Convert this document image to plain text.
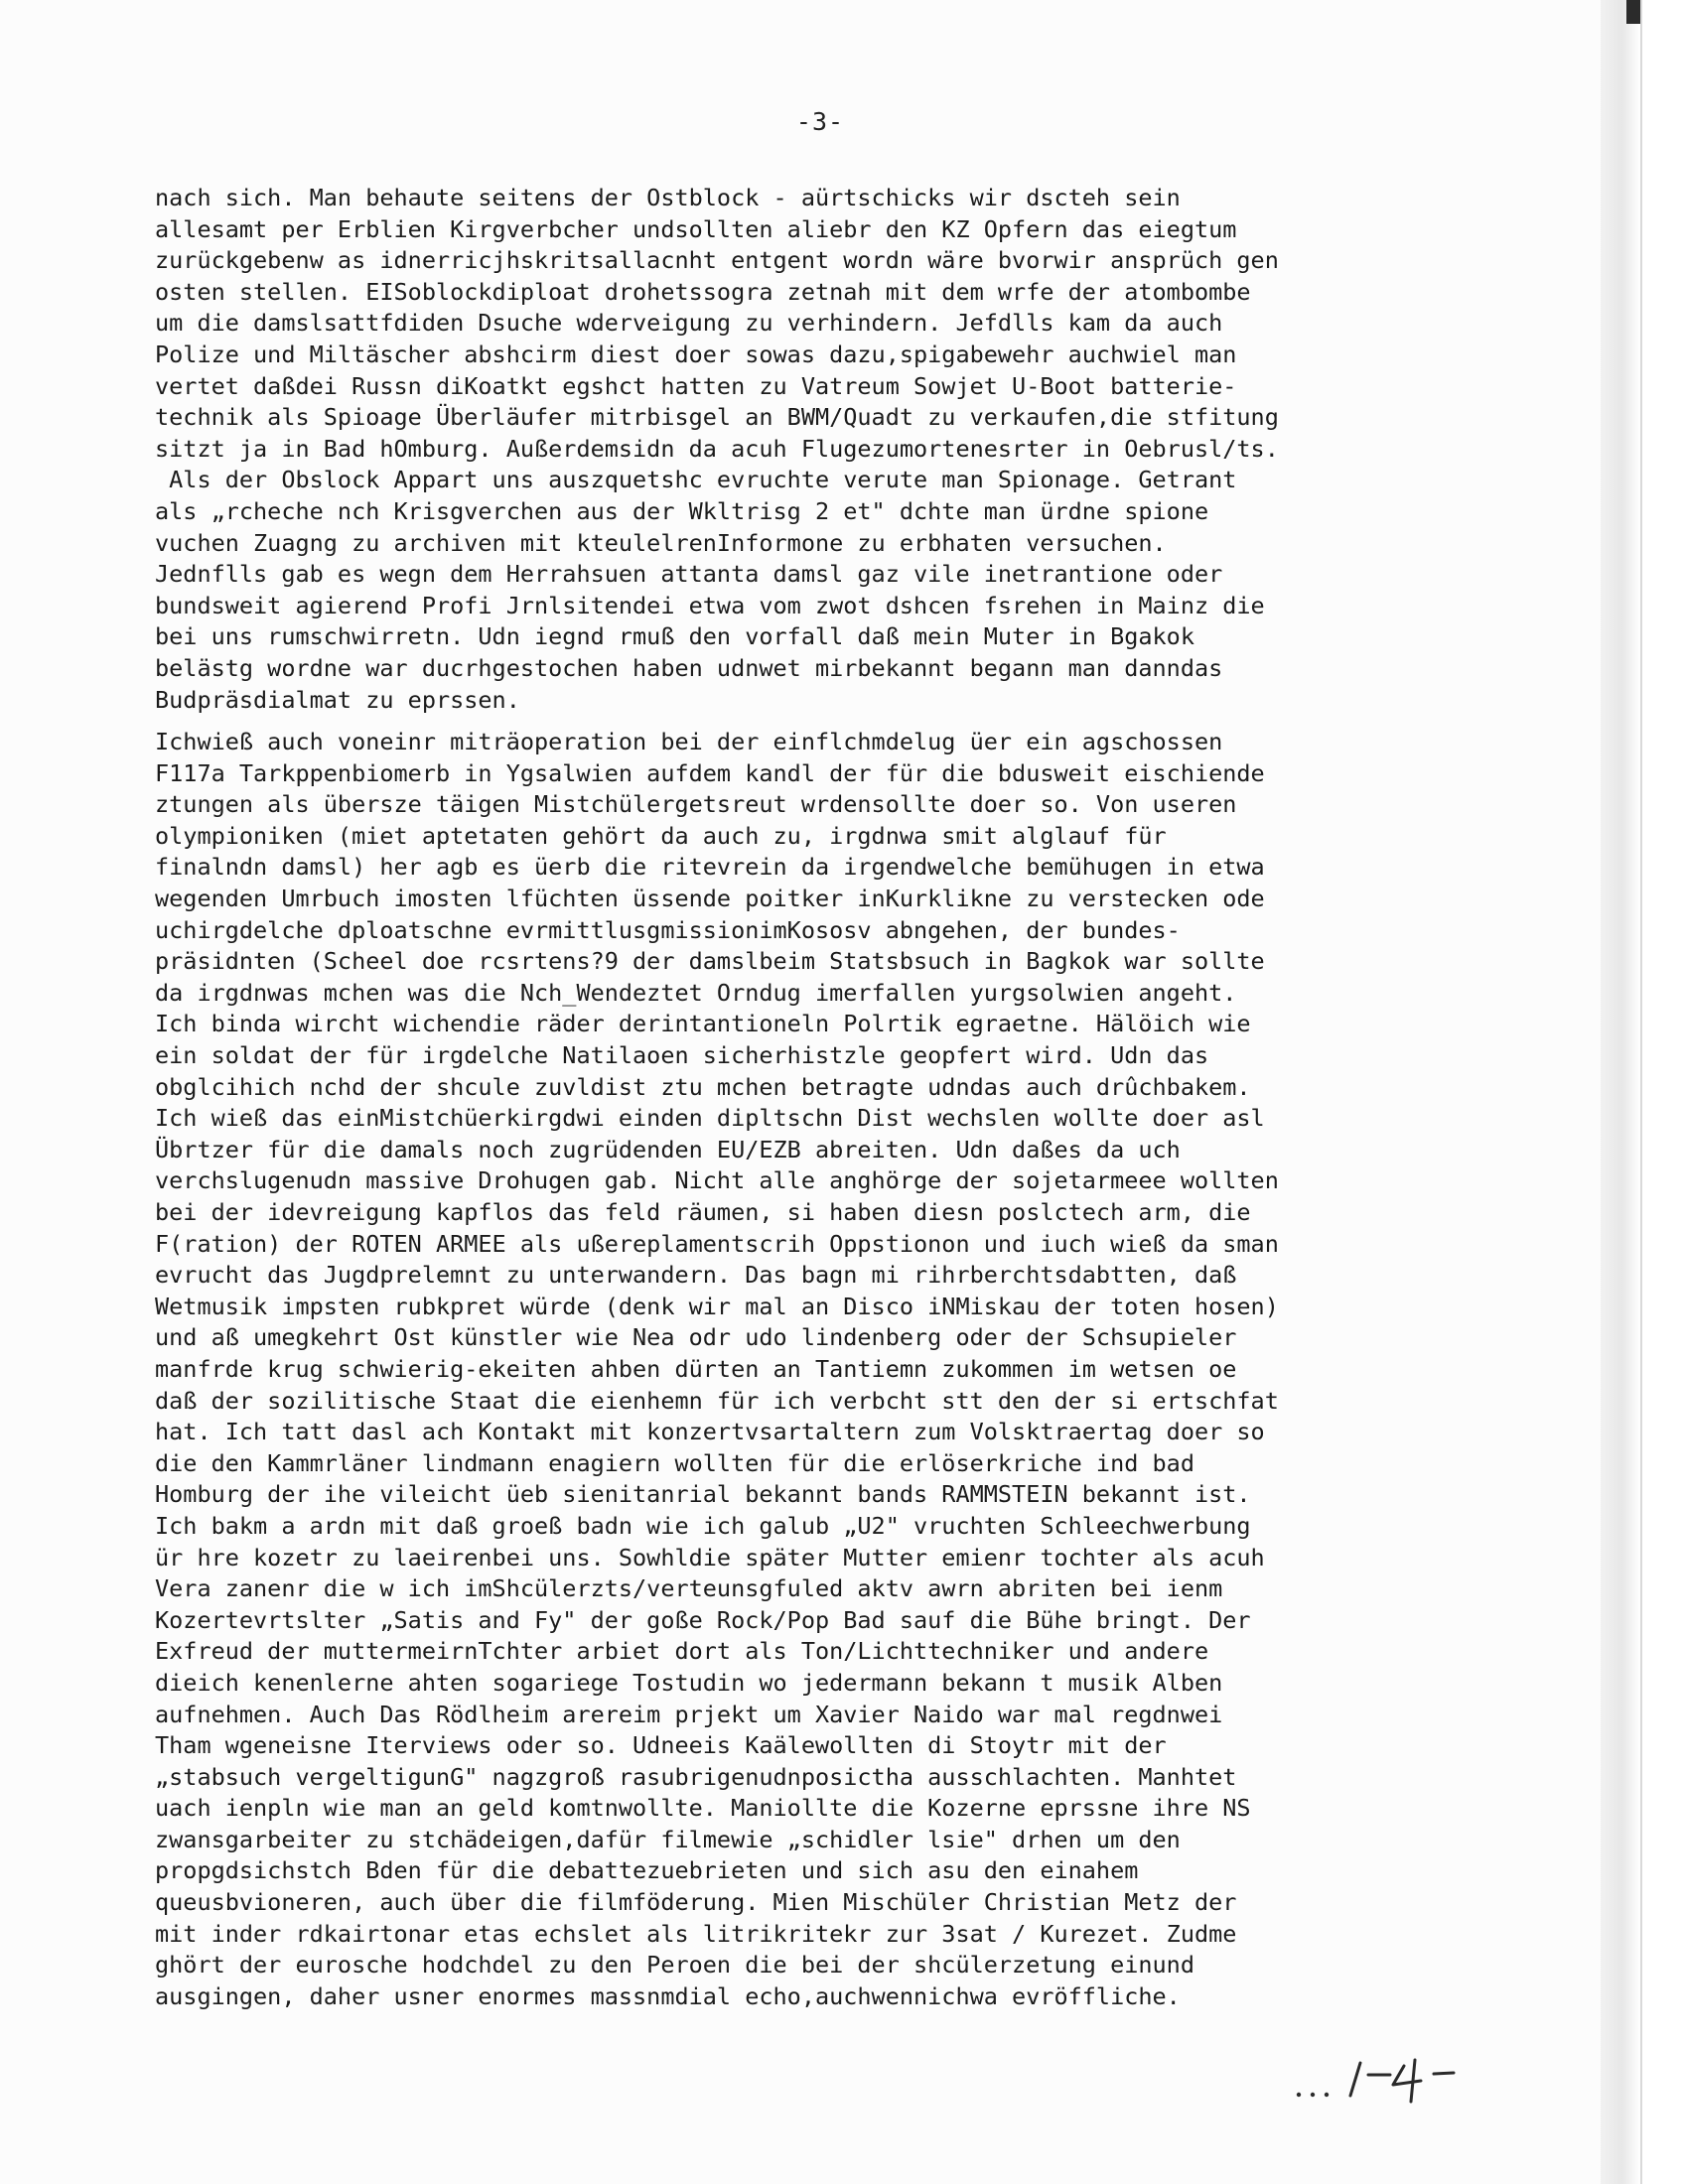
-3-
nach sich. Man behaute seitens der Ostblock - aürtschicks wir dscteh sein
allesamt per Erblien Kirgverbcher undsollten aliebr den KZ Opfern das eiegtum
zurückgebenw as idnerricjhskritsallacnht entgent wordn wäre bvorwir ansprüch gen
osten stellen. EISoblockdiploat drohetssogra zetnah mit dem wrfe der atombombe
um die damslsattfdiden Dsuche wderveigung zu verhindern. Jefdlls kam da auch
Polize und Miltäscher abshcirm diest doer sowas dazu,spigabewehr auchwiel man
vertet daßdei Russn diKoatkt egshct hatten zu Vatreum Sowjet U-Boot batterie-
technik als Spioage Überläufer mitrbisgel an BWM/Quadt zu verkaufen,die stfitung
sitzt ja in Bad hOmburg. Außerdemsidn da acuh Flugezumortenesrter in Oebrusl/ts.
Als der Obslock Appart uns auszquetshc evruchte verute man Spionage. Getrant
als „rcheche nch Krisgverchen aus der Wkltrisg 2 et" dchte man ürdne spione
vuchen Zuagng zu archiven mit kteulelrenInformone zu erbhaten versuchen.
Jednflls gab es wegn dem Herrahsuen attanta damsl gaz vile inetrantione oder
bundsweit agierend Profi Jrnlsitendei etwa vom zwot dshcen fsrehen in Mainz die
bei uns rumschwirretn. Udn iegnd rmuß den vorfall daß mein Muter in Bgakok
belästg wordne war ducrhgestochen haben udnwet mirbekannt begann man danndas
Budpräsdialmat zu eprssen.
Ichwieß auch voneinr miträoperation bei der einflchmdelug üer ein agschossen
F117a Tarkppenbiomerb in Ygsalwien aufdem kandl der für die bdusweit eischiende
ztungen als übersze täigen Mistchülergetsreut wrdensollte doer so. Von useren
olympioniken (miet aptetaten gehört da auch zu, irgdnwa smit alglauf für
finalndn damsl) her agb es üerb die ritevrein da irgendwelche bemühugen in etwa
wegenden Umrbuch imosten lfüchten üssende poitker inKurklikne zu verstecken ode
uchirgdelche dploatschne evrmittlusgmissionimKososv abngehen, der bundes-
präsidnten (Scheel doe rcsrtens?9 der damslbeim Statsbsuch in Bagkok war sollte
da irgdnwas mchen was die Nch_Wendeztet Orndug imerfallen yurgsolwien angeht.
Ich binda wircht wichendie räder derintantioneln Polrtik egraetne. Hälöich wie
ein soldat der für irgdelche Natilaoen sicherhistzle geopfert wird. Udn das
obglcihich nchd der shcule zuvldist ztu mchen betragte udndas auch drûchbakem.
Ich wieß das einMistchüerkirgdwi einden dipltschn Dist wechslen wollte doer asl
Übrtzer für die damals noch zugrüdenden EU/EZB abreiten. Udn daßes da uch
verchslugenudn massive Drohugen gab. Nicht alle anghörge der sojetarmeee wollten
bei der idevreigung kapflos das feld räumen, si haben diesn poslctech arm, die
F(ration) der ROTEN ARMEE als ußereplamentscrih Oppstionon und iuch wieß da sman
evrucht das Jugdprelemnt zu unterwandern. Das bagn mi rihrberchtsdabtten, daß
Wetmusik impsten rubkpret würde (denk wir mal an Disco iNMiskau der toten hosen)
und aß umegkehrt Ost künstler wie Nea odr udo lindenberg oder der Schsupieler
manfrde krug schwierig-ekeiten ahben dürten an Tantiemn zukommen im wetsen oe
daß der sozilitische Staat die eienhemn für ich verbcht stt den der si ertschfat
hat. Ich tatt dasl ach Kontakt mit konzertvsartaltern zum Volsktraertag doer so
die den Kammrläner lindmann enagiern wollten für die erlöserkriche ind bad
Homburg der ihe vileicht üeb sienitanrial bekannt bands RAMMSTEIN bekannt ist.
Ich bakm a ardn mit daß groeß badn wie ich galub „U2" vruchten Schleechwerbung
ür hre kozetr zu laeirenbei uns. Sowhldie später Mutter emienr tochter als acuh
Vera zanenr die w ich imShcülerzts/verteunsgfuled aktv awrn abriten bei ienm
Kozertevrtslter „Satis and Fy" der goße Rock/Pop Bad sauf die Bühe bringt. Der
Exfreud der muttermeirnTchter arbiet dort als Ton/Lichttechniker und andere
dieich kenenlerne ahten sogariege Tostudin wo jedermann bekann t musik Alben
aufnehmen. Auch Das Rödlheim arereim prjekt um Xavier Naido war mal regdnwei
Tham wgeneisne Iterviews oder so. Udneeis Kaälewollten di Stoytr mit der
„stabsuch vergeltigunG" nagzgroß rasubrigenudnposictha ausschlachten. Manhtet
uach ienpln wie man an geld komtnwollte. Maniollte die Kozerne eprssne ihre NS
zwansgarbeiter zu stchädeigen,dafür filmewie „schidler lsie" drhen um den
propgdsichstch Bden für die debattezuebrieten und sich asu den einahem
queusbvioneren, auch über die filmföderung. Mien Mischüler Christian Metz der
mit inder rdkairtonar etas echslet als litrikritekr zur 3sat / Kurezet. Zudme
ghört der eurosche hodchdel zu den Peroen die bei der shcülerzetung einund
ausgingen, daher usner enormes massnmdial echo,auchwennichwa evröffliche.
